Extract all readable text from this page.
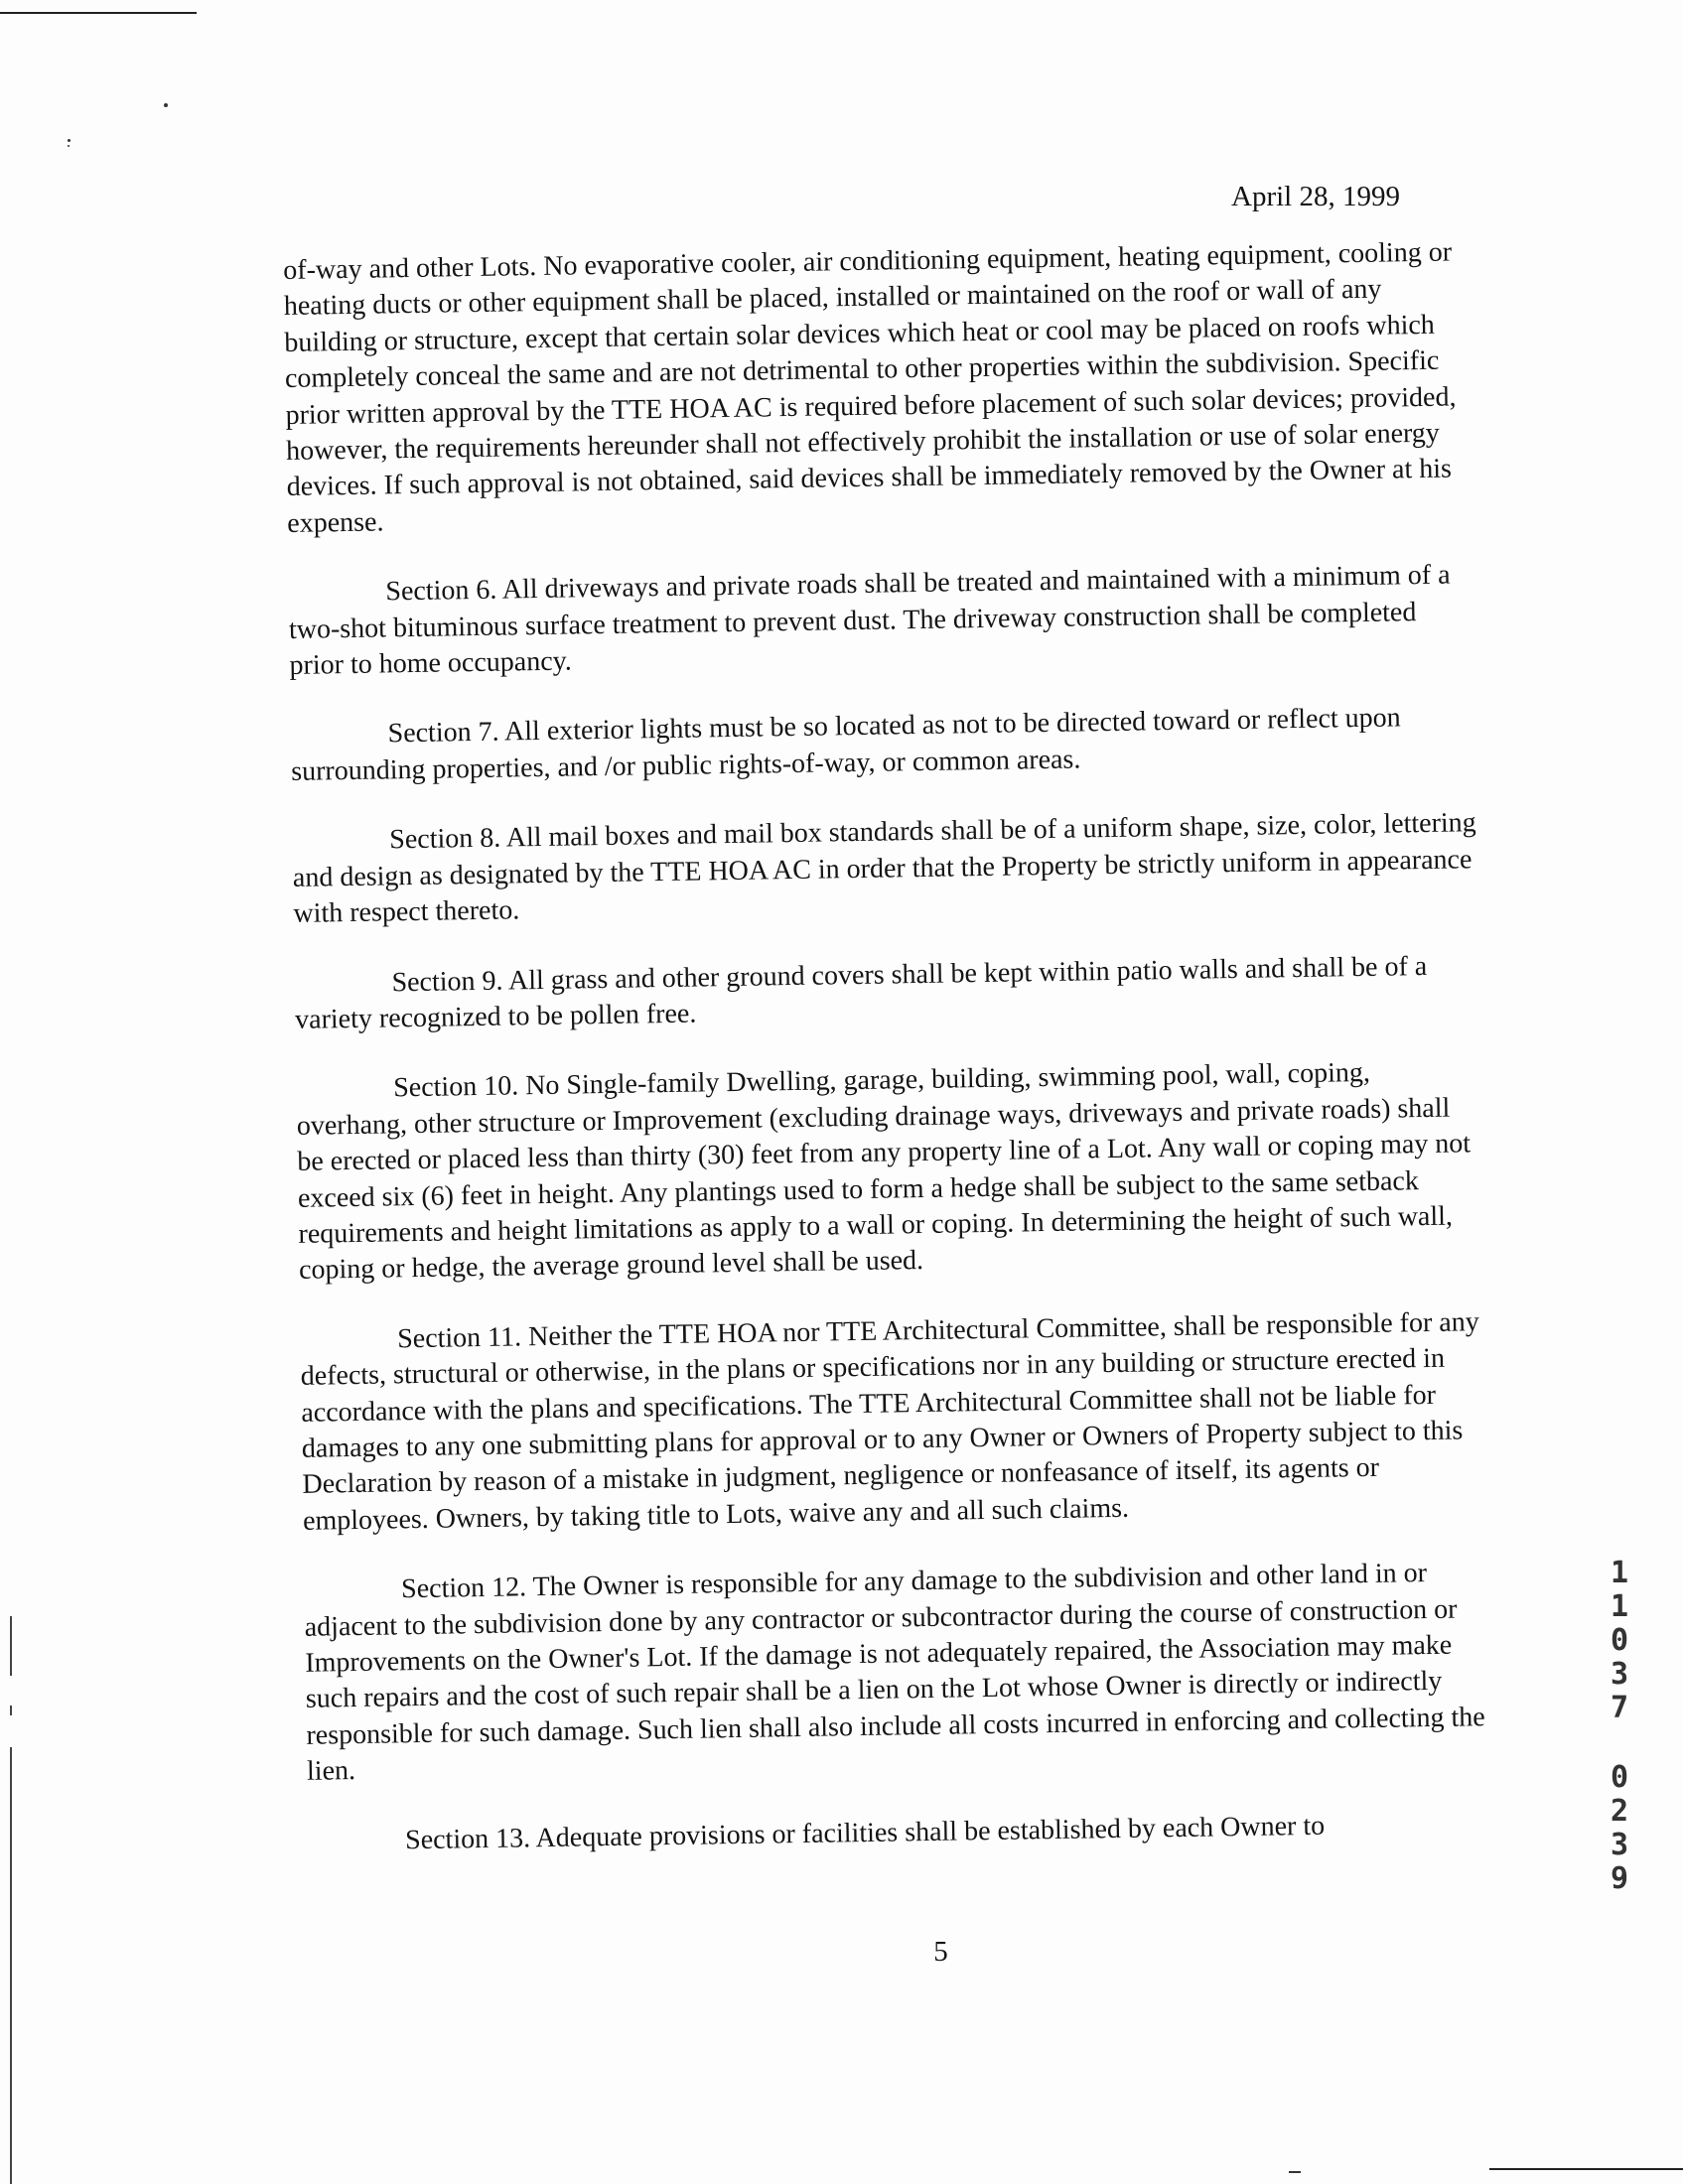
April 28, 1999

of-way and other Lots. No evaporative cooler, air conditioning equipment, heating equipment, cooling or heating ducts or other equipment shall be placed, installed or maintained on the roof or wall of any building or structure, except that certain solar devices which heat or cool may be placed on roofs which completely conceal the same and are not detrimental to other properties within the subdivision. Specific prior written approval by the TTE HOA AC is required before placement of such solar devices; provided, however, the requirements hereunder shall not effectively prohibit the installation or use of solar energy devices. If such approval is not obtained, said devices shall be immediately removed by the Owner at his expense.

Section 6. All driveways and private roads shall be treated and maintained with a minimum of a two-shot bituminous surface treatment to prevent dust. The driveway construction shall be completed prior to home occupancy.

Section 7. All exterior lights must be so located as not to be directed toward or reflect upon surrounding properties, and /or public rights-of-way, or common areas.

Section 8. All mail boxes and mail box standards shall be of a uniform shape, size, color, lettering and design as designated by the TTE HOA AC in order that the Property be strictly uniform in appearance with respect thereto.

Section 9. All grass and other ground covers shall be kept within patio walls and shall be of a variety recognized to be pollen free.

Section 10. No Single-family Dwelling, garage, building, swimming pool, wall, coping, overhang, other structure or Improvement (excluding drainage ways, driveways and private roads) shall be erected or placed less than thirty (30) feet from any property line of a Lot. Any wall or coping may not exceed six (6) feet in height. Any plantings used to form a hedge shall be subject to the same setback requirements and height limitations as apply to a wall or coping. In determining the height of such wall, coping or hedge, the average ground level shall be used.

Section 11. Neither the TTE HOA nor TTE Architectural Committee, shall be responsible for any defects, structural or otherwise, in the plans or specifications nor in any building or structure erected in accordance with the plans and specifications. The TTE Architectural Committee shall not be liable for damages to any one submitting plans for approval or to any Owner or Owners of Property subject to this Declaration by reason of a mistake in judgment, negligence or nonfeasance of itself, its agents or employees. Owners, by taking title to Lots, waive any and all such claims.

Section 12. The Owner is responsible for any damage to the subdivision and other land in or adjacent to the subdivision done by any contractor or subcontractor during the course of construction or Improvements on the Owner's Lot. If the damage is not adequately repaired, the Association may make such repairs and the cost of such repair shall be a lien on the Lot whose Owner is directly or indirectly responsible for such damage. Such lien shall also include all costs incurred in enforcing and collecting the lien.

Section 13. Adequate provisions or facilities shall be established by each Owner to

5
1
1
0
3
7
0
2
3
9
